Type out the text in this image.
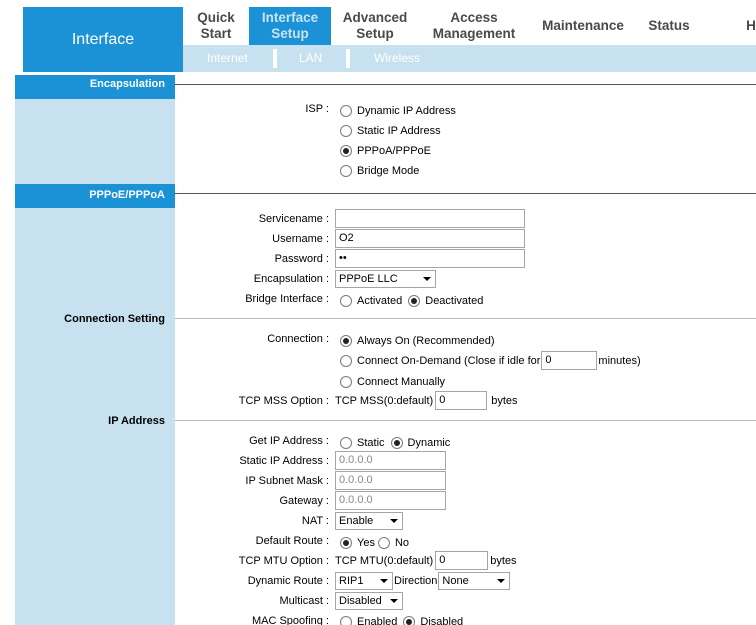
Interface
Quick
Start
Interface
Setup
Advanced
Setup
Access
Management
Maintenance Status	H
Internet	LAN	Wireless
Encapsulation
PPPoE/PPPoA
Connection Setting
IP Address
ISP :	Dynamic IP Address
Static IP Address
PPPoA/PPPoE
Bridge Mode
Servicename :
Username : O2
Password : ••
Encapsulation : PPPoE LLC
Bridge Interface :	Activated Deactivated
Connection :	Always On (Recommended)
Connect On-Demand (Close if idle for 0	minutes)
Connect Manually
TCP MSS Option : TCP MSS(0:default) 0	bytes
Get IP Address :	Static Dynamic
Static IP Address : 0.0.0.0
IP Subnet Mask : 0.0.0.0
Gateway : 0.0.0.0
NAT : Enable
Default Route :	Yes No
TCP MTU Option : TCP MTU(0:default) 0	bytes
Dynamic Route : RIP1	Direction None
Multicast : Disabled
MAC Spoofing :	Enabled Disabled
